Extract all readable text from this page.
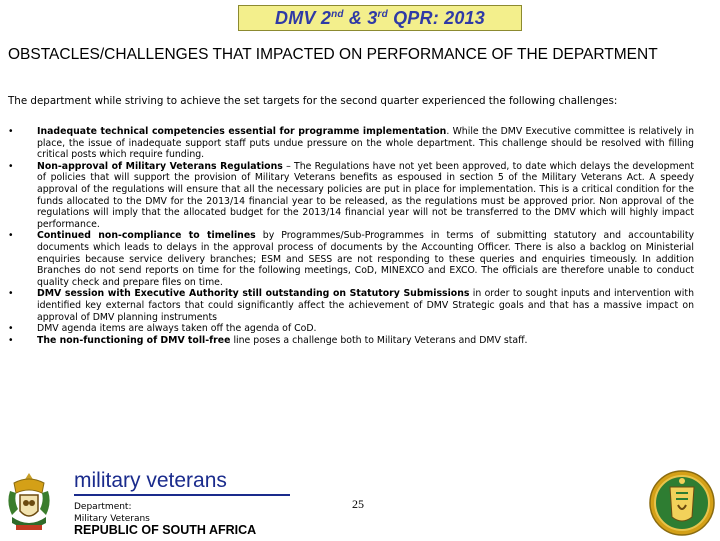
DMV 2nd & 3rd QPR: 2013
OBSTACLES/CHALLENGES THAT IMPACTED ON PERFORMANCE OF THE DEPARTMENT
The department while striving to achieve the set targets for the second quarter experienced the following challenges:
•	Inadequate technical competencies essential for programme implementation. While the DMV Executive committee is relatively in place, the issue of inadequate support staff puts undue pressure on the whole department. This challenge should be resolved with filling critical posts which require funding.
•	Non-approval of Military Veterans Regulations – The Regulations have not yet been approved, to date which delays the development of policies that will support the provision of Military Veterans benefits as espoused in section 5 of the Military Veterans Act. A speedy approval of the regulations will ensure that all the necessary policies are put in place for implementation. This is a critical condition for the funds allocated to the DMV for the 2013/14 financial year to be released, as the regulations must be approved prior. Non approval of the regulations will imply that the allocated budget for the 2013/14 financial year will not be transferred to the DMV which will highly impact performance.
•	Continued non-compliance to timelines by Programmes/Sub-Programmes in terms of submitting statutory and accountability documents which leads to delays in the approval process of documents by the Accounting Officer. There is also a backlog on Ministerial enquiries because service delivery branches; ESM and SESS are not responding to these queries and enquiries timeously. In addition Branches do not send reports on time for the following meetings, CoD, MINEXCO and EXCO. The officials are therefore unable to conduct quality check and prepare files on time.
•	DMV session with Executive Authority still outstanding on Statutory Submissions in order to sought inputs and intervention with identified key external factors that could significantly affect the achievement of DMV Strategic goals and that has a massive impact on approval of DMV planning instruments
•	DMV agenda items are always taken off the agenda of CoD.
•	The non-functioning of DMV toll-free line poses a challenge both to Military Veterans and DMV staff.
military veterans
Department:
Military Veterans
REPUBLIC OF SOUTH AFRICA
25
